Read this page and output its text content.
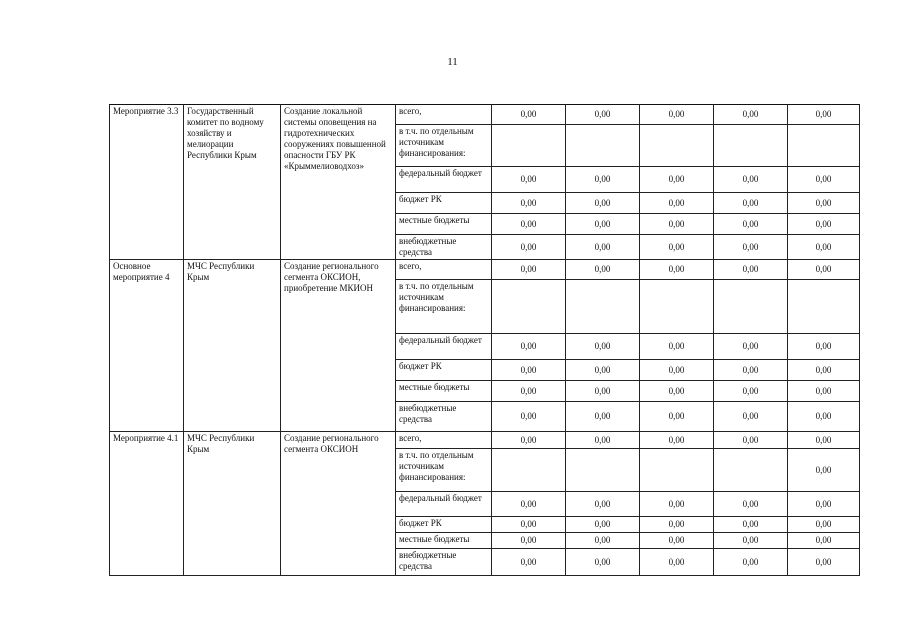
11
Мероприятие 3.3	Государственный комитет по водному хозяйству и мелиорации Республики Крым	Создание локальной системы оповещения на гидротехнических сооружениях повышенной опасности ГБУ РК «Крыммелиоводхоз»	всего,	0,00	0,00	0,00	0,00	0,00
			в т.ч. по отдельным источникам финансирования:					
			федеральный бюджет	0,00	0,00	0,00	0,00	0,00
			бюджет РК	0,00	0,00	0,00	0,00	0,00
			местные бюджеты	0,00	0,00	0,00	0,00	0,00
			внебюджетные средства	0,00	0,00	0,00	0,00	0,00
Основное мероприятие 4	МЧС Республики Крым	Создание регионального сегмента ОКСИОН, приобретение МКИОН	всего,	0,00	0,00	0,00	0,00	0,00
			в т.ч. по отдельным источникам финансирования:					
			федеральный бюджет	0,00	0,00	0,00	0,00	0,00
			бюджет РК	0,00	0,00	0,00	0,00	0,00
			местные бюджеты	0,00	0,00	0,00	0,00	0,00
			внебюджетные средства	0,00	0,00	0,00	0,00	0,00
Мероприятие 4.1	МЧС Республики Крым	Создание регионального сегмента ОКСИОН	всего,	0,00	0,00	0,00	0,00	0,00
			в т.ч. по отдельным источникам финансирования:					0,00
			федеральный бюджет	0,00	0,00	0,00	0,00	0,00
			бюджет РК	0,00	0,00	0,00	0,00	0,00
			местные бюджеты	0,00	0,00	0,00	0,00	0,00
			внебюджетные средства	0,00	0,00	0,00	0,00	0,00
